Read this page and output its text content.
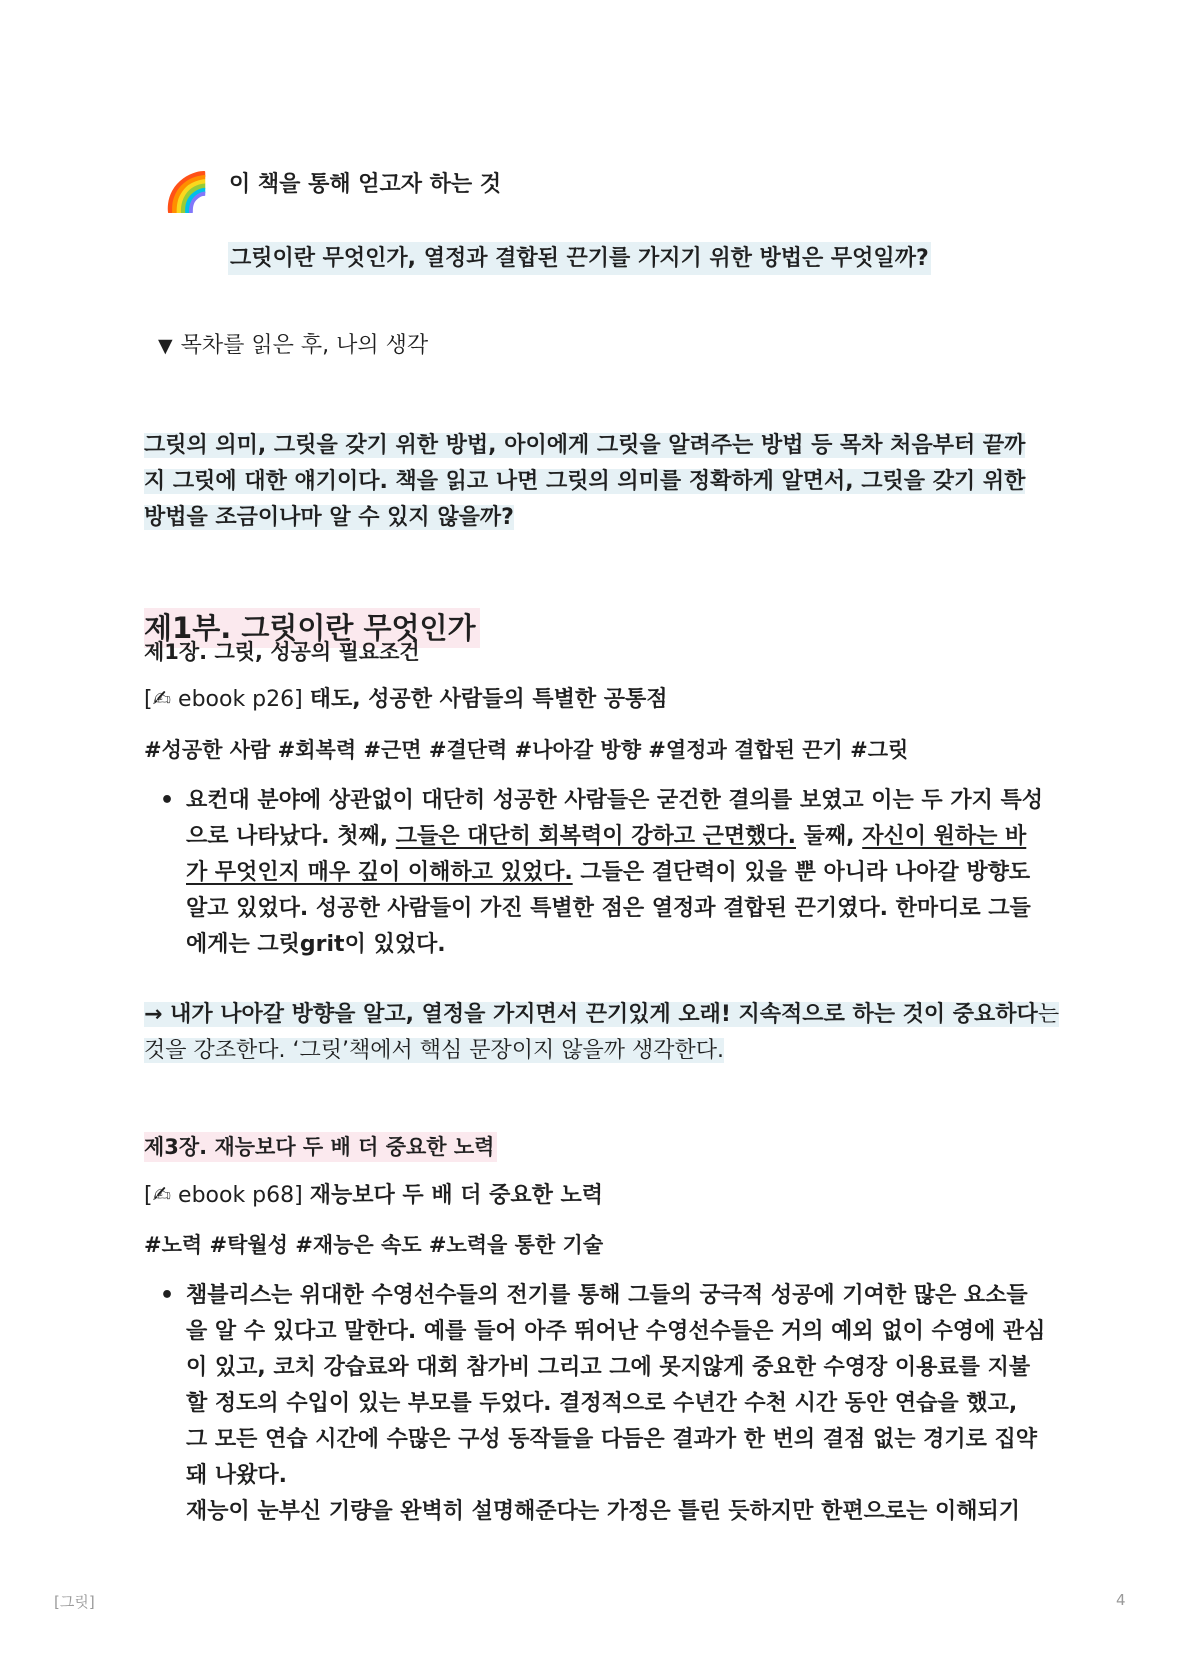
🌈 이 책을 통해 얻고자 하는 것
그릿이란 무엇인가, 열정과 결합된 끈기를 가지기 위한 방법은 무엇일까?
▼ 목차를 읽은 후, 나의 생각
그릿의 의미, 그릿을 갖기 위한 방법, 아이에게 그릿을 알려주는 방법 등 목차 처음부터 끝까지 그릿에 대한 얘기이다. 책을 읽고 나면 그릿의 의미를 정확하게 알면서, 그릿을 갖기 위한 방법을 조금이나마 알 수 있지 않을까?
제1부. 그릿이란 무엇인가
제1장. 그릿, 성공의 필요조건
[✍ ebook p26] 태도, 성공한 사람들의 특별한 공통점
#성공한 사람 #회복력 #근면 #결단력 #나아갈 방향 #열정과 결합된 끈기 #그릿
• 요컨대 분야에 상관없이 대단히 성공한 사람들은 굳건한 결의를 보였고 이는 두 가지 특성으로 나타났다. 첫째, 그들은 대단히 회복력이 강하고 근면했다. 둘째, 자신이 원하는 바가 무엇인지 매우 깊이 이해하고 있었다. 그들은 결단력이 있을 뿐 아니라 나아갈 방향도 알고 있었다. 성공한 사람들이 가진 특별한 점은 열정과 결합된 끈기였다. 한마디로 그들에게는 그릿grit이 있었다.
→ 내가 나아갈 방향을 알고, 열정을 가지면서 끈기있게 오래! 지속적으로 하는 것이 중요하다는 것을 강조한다. ‘그릿’책에서 핵심 문장이지 않을까 생각한다.
제3장. 재능보다 두 배 더 중요한 노력
[✍ ebook p68] 재능보다 두 배 더 중요한 노력
#노력 #탁월성 #재능은 속도 #노력을 통한 기술
• 챔블리스는 위대한 수영선수들의 전기를 통해 그들의 궁극적 성공에 기여한 많은 요소들을 알 수 있다고 말한다. 예를 들어 아주 뛰어난 수영선수들은 거의 예외 없이 수영에 관심이 있고, 코치 강습료와 대회 참가비 그리고 그에 못지않게 중요한 수영장 이용료를 지불할 정도의 수입이 있는 부모를 두었다. 결정적으로 수년간 수천 시간 동안 연습을 했고, 그 모든 연습 시간에 수많은 구성 동작들을 다듬은 결과가 한 번의 결점 없는 경기로 집약돼 나왔다.
재능이 눈부신 기량을 완벽히 설명해준다는 가정은 틀린 듯하지만 한편으로는 이해되기
[그릿]	4
